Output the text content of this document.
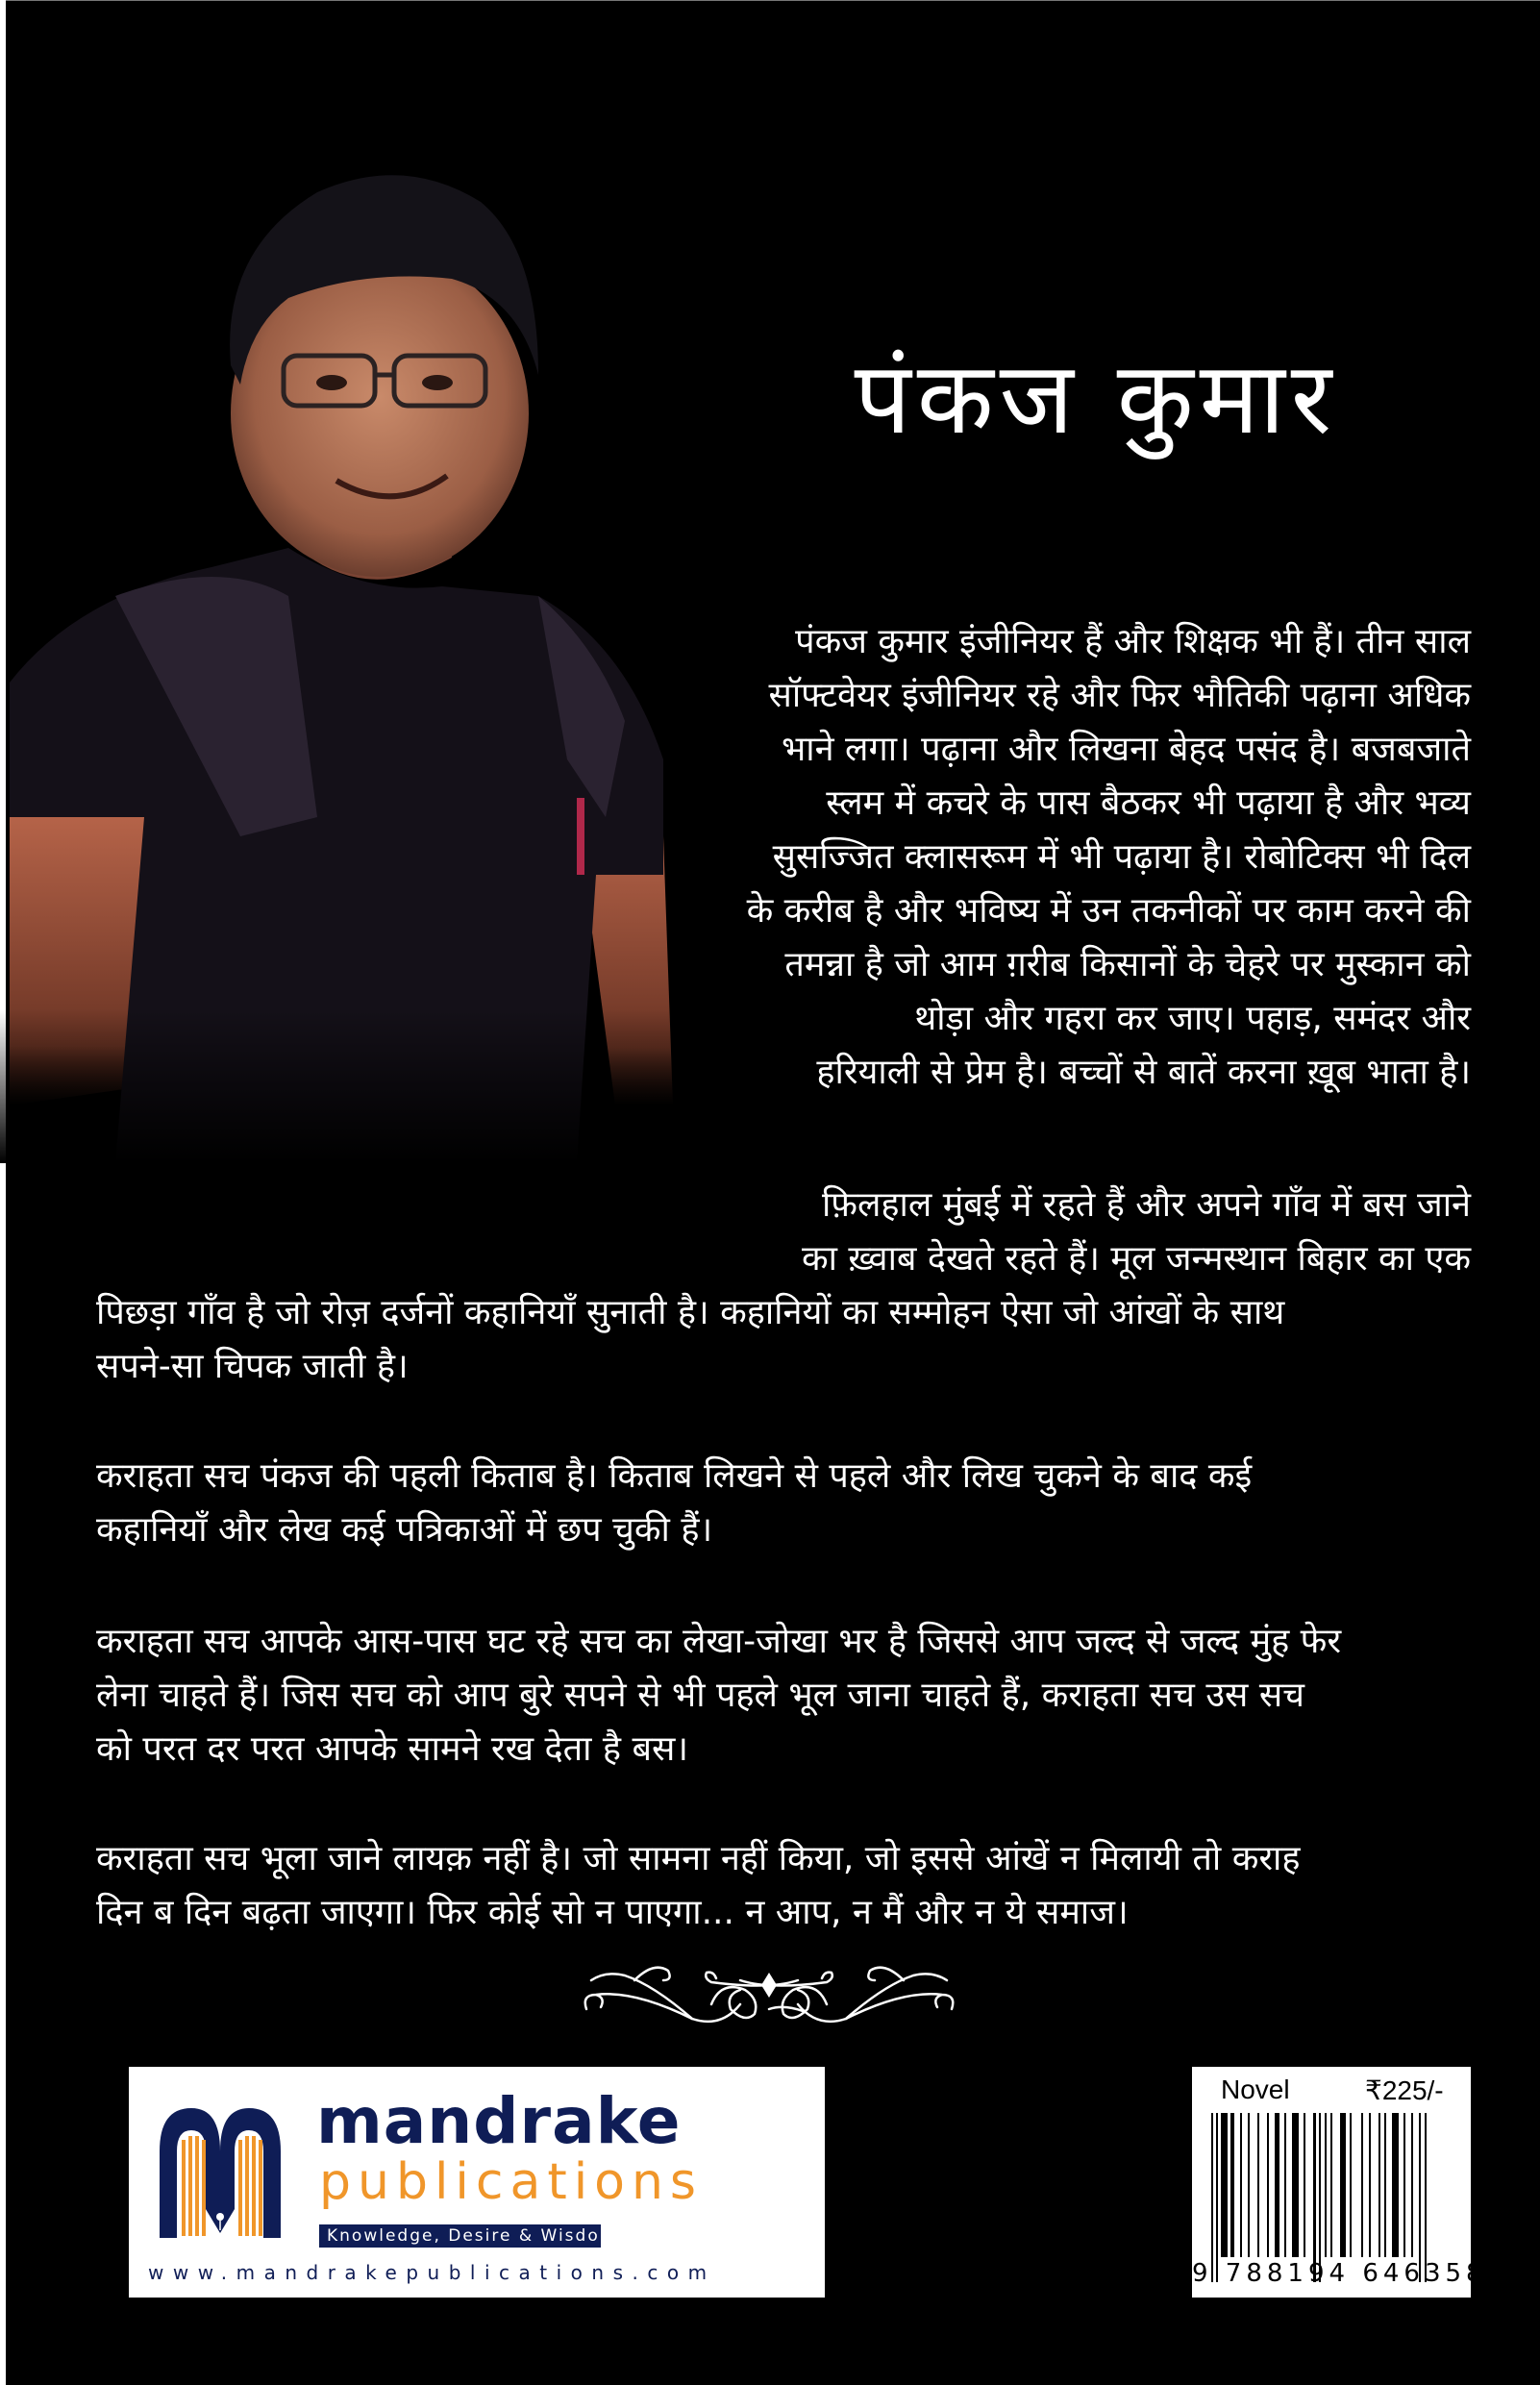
पंकज कुमार
पंकज कुमार इंजीनियर हैं और शिक्षक भी हैं। तीन साल
सॉफ्टवेयर इंजीनियर रहे और फिर भौतिकी पढ़ाना अधिक
भाने लगा। पढ़ाना और लिखना बेहद पसंद है। बजबजाते
स्लम में कचरे के पास बैठकर भी पढ़ाया है और भव्य
सुसज्जित क्लासरूम में भी पढ़ाया है। रोबोटिक्स भी दिल
के करीब है और भविष्य में उन तकनीकों पर काम करने की
तमन्ना है जो आम ग़रीब किसानों के चेहरे पर मुस्कान को
थोड़ा और गहरा कर जाए। पहाड़, समंदर और
हरियाली से प्रेम है। बच्चों से बातें करना ख़ूब भाता है।
फ़िलहाल मुंबई में रहते हैं और अपने गाँव में बस जाने
का ख़्वाब देखते रहते हैं। मूल जन्मस्थान बिहार का एक
पिछड़ा गाँव है जो रोज़ दर्जनों कहानियाँ सुनाती है। कहानियों का सम्मोहन ऐसा जो आंखों के साथ
सपने-सा चिपक जाती है।
कराहता सच पंकज की पहली किताब है। किताब लिखने से पहले और लिख चुकने के बाद कई
कहानियाँ और लेख कई पत्रिकाओं में छप चुकी हैं।
कराहता सच आपके आस-पास घट रहे सच का लेखा-जोखा भर है जिससे आप जल्द से जल्द मुंह फेर
लेना चाहते हैं। जिस सच को आप बुरे सपने से भी पहले भूल जाना चाहते हैं, कराहता सच उस सच
को परत दर परत आपके सामने रख देता है बस।
कराहता सच भूला जाने लायक़ नहीं है। जो सामना नहीं किया, जो इससे आंखें न मिलायी तो कराह
दिन ब दिन बढ़ता जाएगा। फिर कोई सो न पाएगा... न आप, न मैं और न ये समाज।
mandrake
publications
Knowledge, Desire & Wisdom
www.mandrakepublications.com
Novel	₹225/-
9 788194 646358
